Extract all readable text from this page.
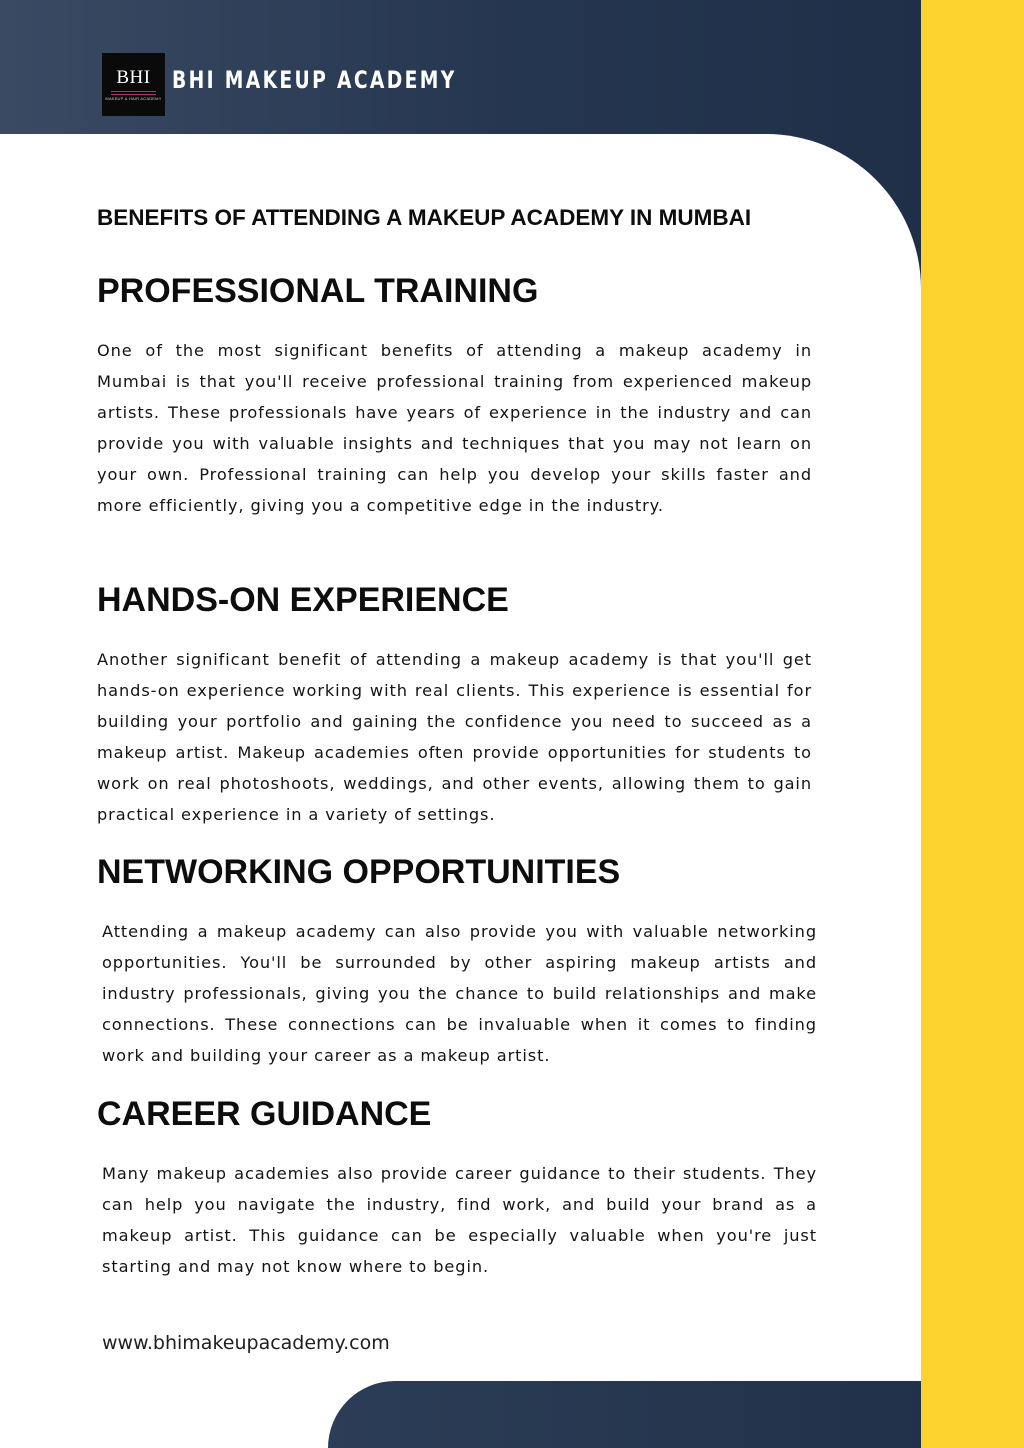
BHI
MAKEUP & HAIR ACADEMY
BHI MAKEUP ACADEMY
BENEFITS OF ATTENDING A MAKEUP ACADEMY IN MUMBAI
PROFESSIONAL TRAINING

One of the most significant benefits of attending a makeup academy in Mumbai is that you'll receive professional training from experienced makeup artists. These professionals have years of experience in the industry and can provide you with valuable insights and techniques that you may not learn on your own. Professional training can help you develop your skills faster and more efficiently, giving you a competitive edge in the industry.

HANDS-ON EXPERIENCE

Another significant benefit of attending a makeup academy is that you'll get hands-on experience working with real clients. This experience is essential for building your portfolio and gaining the confidence you need to succeed as a makeup artist. Makeup academies often provide opportunities for students to work on real photoshoots, weddings, and other events, allowing them to gain practical experience in a variety of settings.

NETWORKING OPPORTUNITIES

Attending a makeup academy can also provide you with valuable networking opportunities. You'll be surrounded by other aspiring makeup artists and industry professionals, giving you the chance to build relationships and make connections. These connections can be invaluable when it comes to finding work and building your career as a makeup artist.

CAREER GUIDANCE

Many makeup academies also provide career guidance to their students. They can help you navigate the industry, find work, and build your brand as a makeup artist. This guidance can be especially valuable when you're just starting and may not know where to begin.

www.bhimakeupacademy.com
